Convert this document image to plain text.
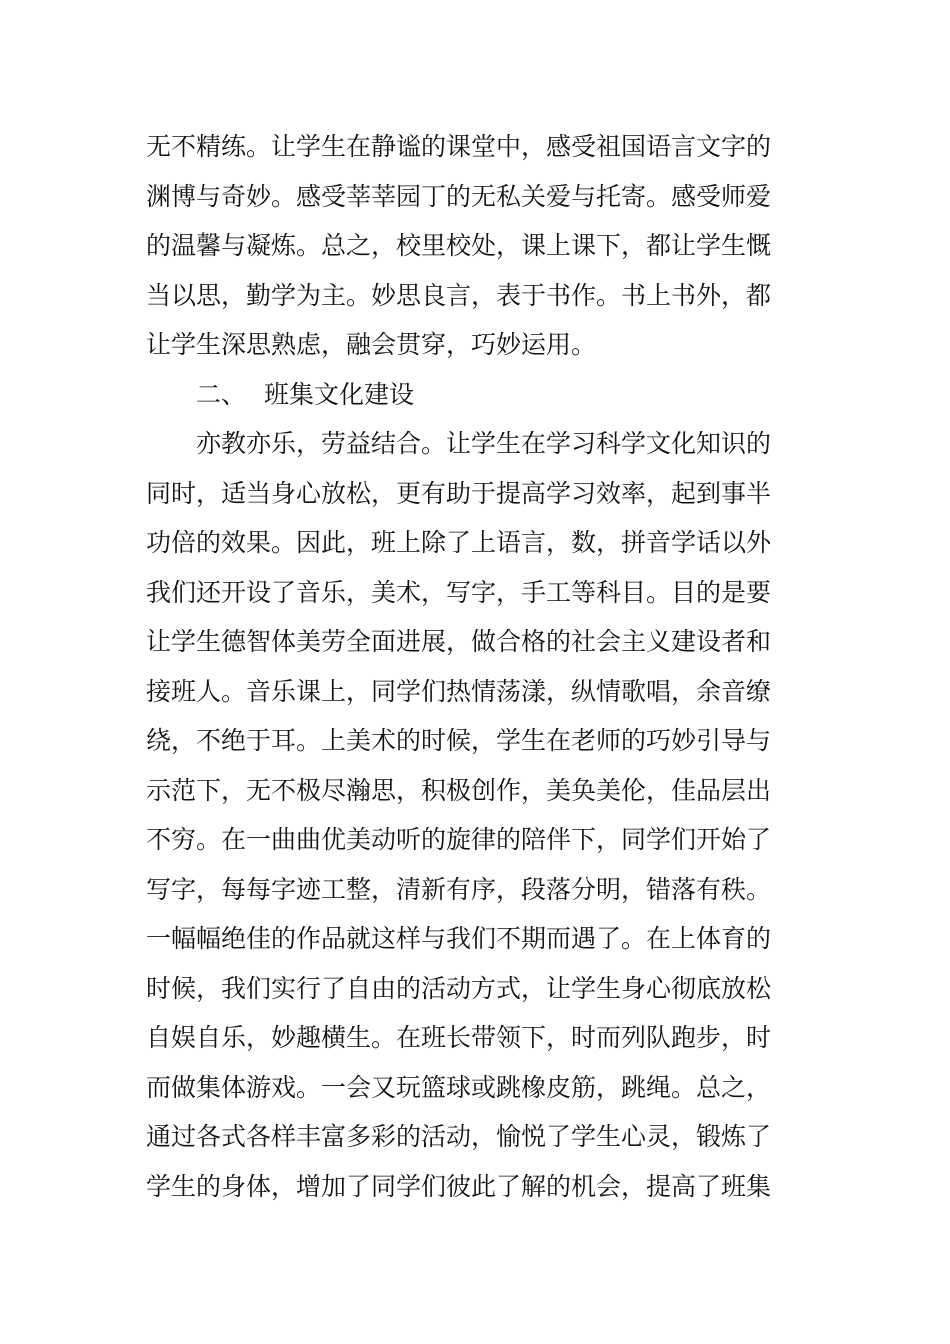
无不精练。让学生在静谧的课堂中，感受祖国语言文字的
渊博与奇妙。感受莘莘园丁的无私关爱与托寄。感受师爱
的温馨与凝炼。总之，校里校处，课上课下，都让学生慨
当以思，勤学为主。妙思良言，表于书作。书上书外，都
让学生深思熟虑，融会贯穿，巧妙运用。
二、 班集文化建设
　　亦教亦乐，劳益结合。让学生在学习科学文化知识的
同时，适当身心放松，更有助于提高学习效率，起到事半
功倍的效果。因此，班上除了上语言，数，拼音学话以外
我们还开设了音乐，美术，写字，手工等科目。目的是要
让学生德智体美劳全面进展，做合格的社会主义建设者和
接班人。音乐课上，同学们热情荡漾，纵情歌唱，余音缭
绕，不绝于耳。上美术的时候，学生在老师的巧妙引导与
示范下，无不极尽瀚思，积极创作，美奂美伦，佳品层出
不穷。在一曲曲优美动听的旋律的陪伴下，同学们开始了
写字，每每字迹工整，清新有序，段落分明，错落有秩。
一幅幅绝佳的作品就这样与我们不期而遇了。在上体育的
时候，我们实行了自由的活动方式，让学生身心彻底放松
自娱自乐，妙趣横生。在班长带领下，时而列队跑步，时
而做集体游戏。一会又玩篮球或跳橡皮筋，跳绳。总之，
通过各式各样丰富多彩的活动，愉悦了学生心灵，锻炼了
学生的身体，增加了同学们彼此了解的机会，提高了班集
